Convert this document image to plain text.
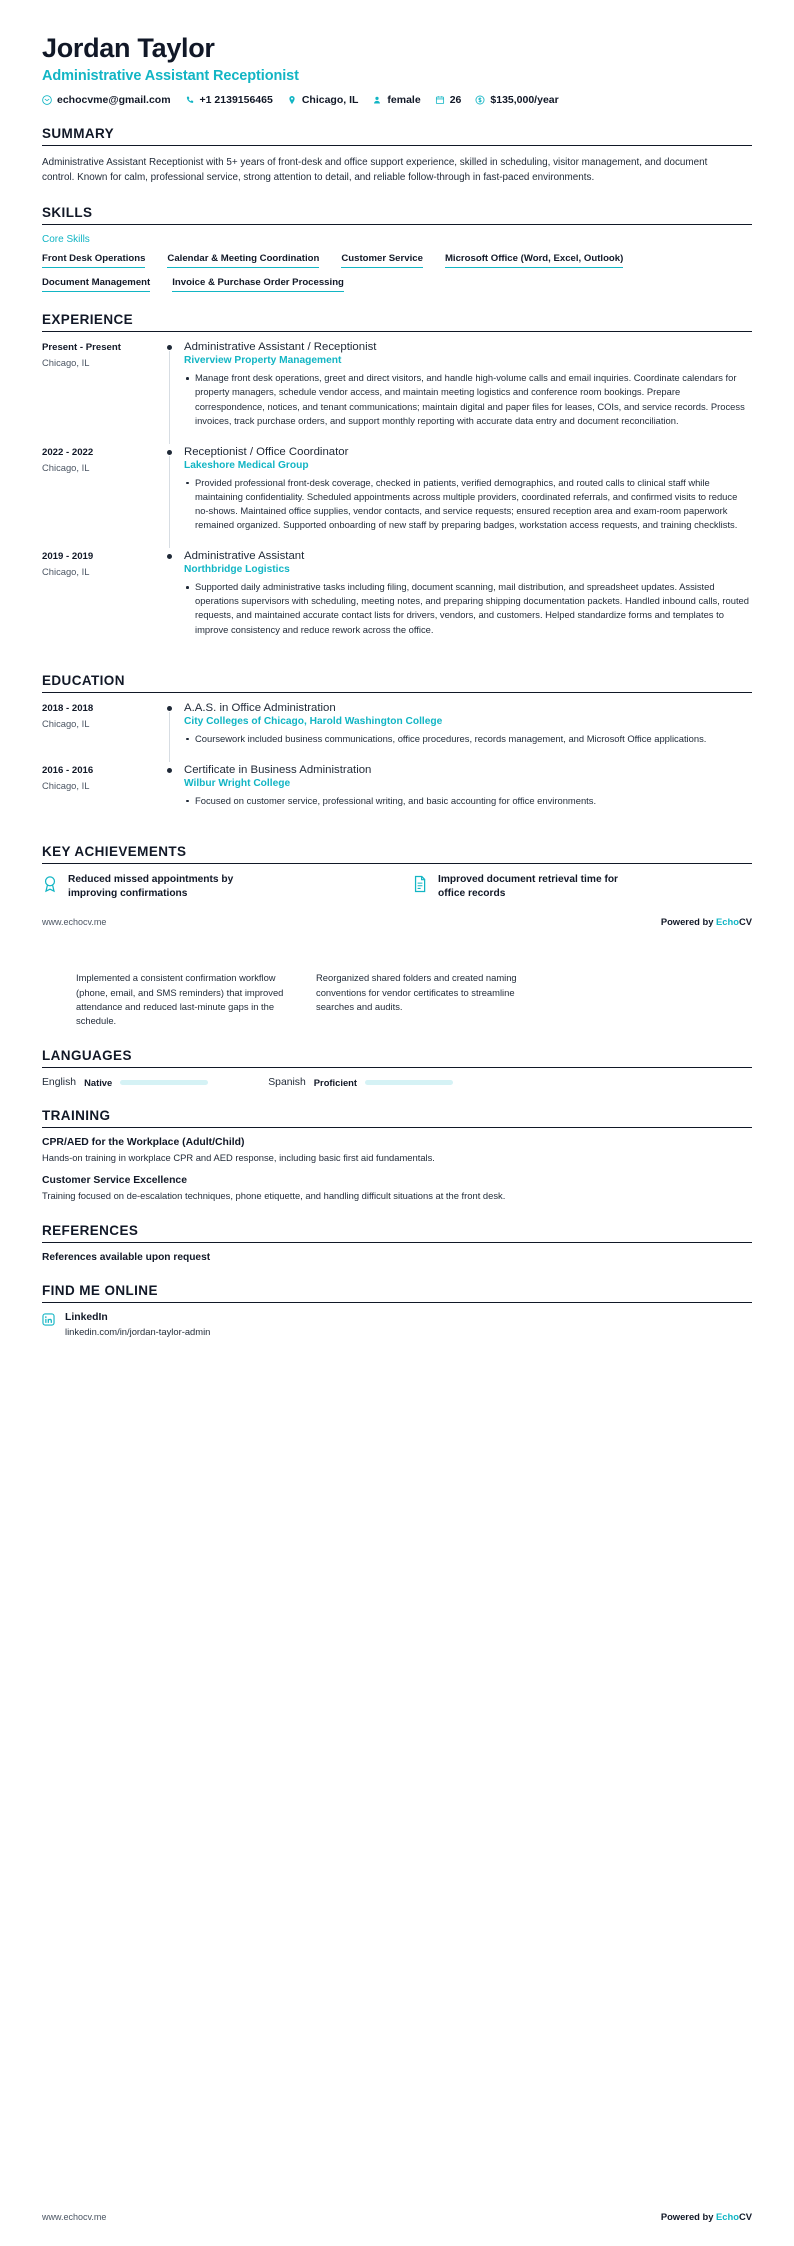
Jordan Taylor
Administrative Assistant Receptionist
echocvme@gmail.com	+1 2139156465	Chicago, IL	female	26	$135,000/year
SUMMARY

Administrative Assistant Receptionist with 5+ years of front-desk and office support experience, skilled in scheduling, visitor management, and document control. Known for calm, professional service, strong attention to detail, and reliable follow-through in fast-paced environments.

SKILLS
Core Skills
Front Desk Operations Calendar & Meeting Coordination Customer Service Microsoft Office (Word, Excel, Outlook)
Document Management Invoice & Purchase Order Processing
EXPERIENCE
Present - Present
Chicago, IL
Administrative Assistant / Receptionist
Riverview Property Management
Manage front desk operations, greet and direct visitors, and handle high-volume calls and email inquiries. Coordinate calendars for property managers, schedule vendor access, and maintain meeting logistics and conference room bookings. Prepare correspondence, notices, and tenant communications; maintain digital and paper files for leases, COIs, and service records. Process invoices, track purchase orders, and support monthly reporting with accurate data entry and document reconciliation.
2022 - 2022
Chicago, IL
Receptionist / Office Coordinator
Lakeshore Medical Group
Provided professional front-desk coverage, checked in patients, verified demographics, and routed calls to clinical staff while maintaining confidentiality. Scheduled appointments across multiple providers, coordinated referrals, and confirmed visits to reduce no-shows. Maintained office supplies, vendor contacts, and service requests; ensured reception area and exam-room paperwork remained organized. Supported onboarding of new staff by preparing badges, workstation access requests, and training checklists.
2019 - 2019
Chicago, IL
Administrative Assistant
Northbridge Logistics
Supported daily administrative tasks including filing, document scanning, mail distribution, and spreadsheet updates. Assisted operations supervisors with scheduling, meeting notes, and preparing shipping documentation packets. Handled inbound calls, routed requests, and maintained accurate contact lists for drivers, vendors, and customers. Helped standardize forms and templates to improve consistency and reduce rework across the office.
EDUCATION
2018 - 2018
Chicago, IL
A.A.S. in Office Administration
City Colleges of Chicago, Harold Washington College
Coursework included business communications, office procedures, records management, and Microsoft Office applications.
2016 - 2016
Chicago, IL
Certificate in Business Administration
Wilbur Wright College
Focused on customer service, professional writing, and basic accounting for office environments.
KEY ACHIEVEMENTS
Reduced missed appointments by improving confirmations
Improved document retrieval time for office records
www.echocv.me	Powered by EchoCV
Implemented a consistent confirmation workflow (phone, email, and SMS reminders) that improved attendance and reduced last-minute gaps in the schedule.
Reorganized shared folders and created naming conventions for vendor certificates to streamline searches and audits.
LANGUAGES
English Native	Spanish Proficient
TRAINING
CPR/AED for the Workplace (Adult/Child)
Hands-on training in workplace CPR and AED response, including basic first aid fundamentals.
Customer Service Excellence
Training focused on de-escalation techniques, phone etiquette, and handling difficult situations at the front desk.
REFERENCES
References available upon request
FIND ME ONLINE
LinkedIn
linkedin.com/in/jordan-taylor-admin
www.echocv.me	Powered by EchoCV
